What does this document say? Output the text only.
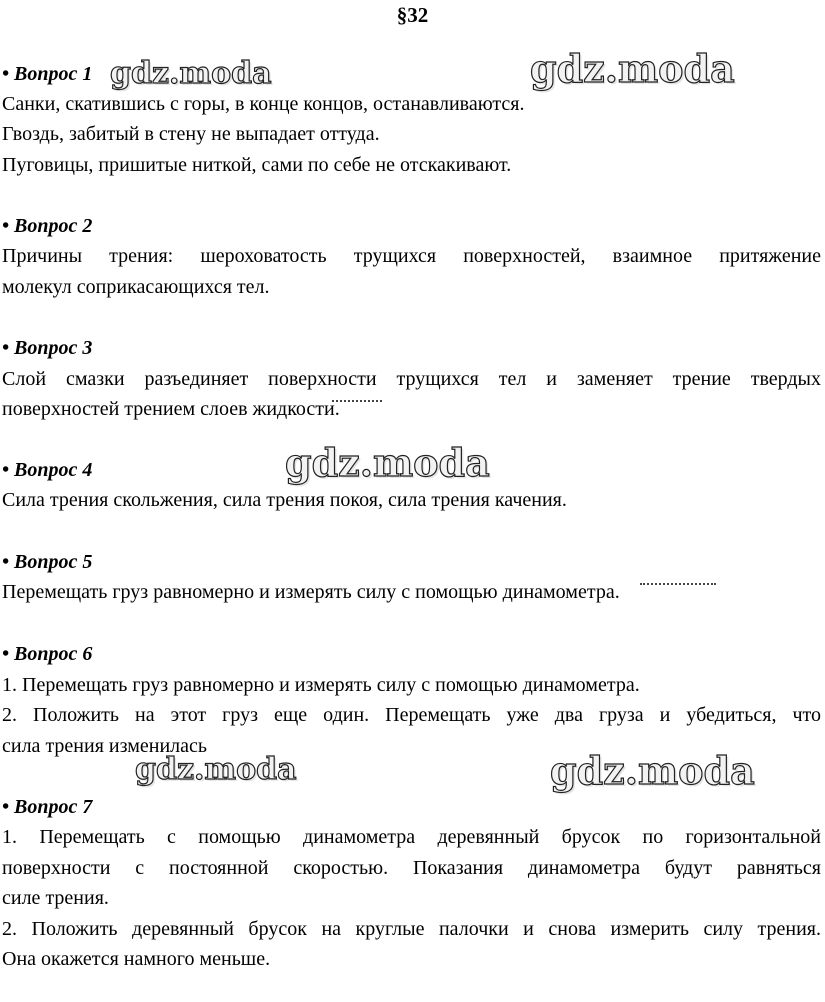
§32
• Вопрос 1
Санки, скатившись с горы, в конце концов, останавливаются.
Гвоздь, забитый в стену не выпадает оттуда.
Пуговицы, пришитые ниткой, сами по себе не отскакивают.
• Вопрос 2
Причины трения: шероховатость трущихся поверхностей, взаимное притяжение
молекул соприкасающихся тел.
• Вопрос 3
Слой смазки разъединяет поверхности трущихся тел и заменяет трение твердых
поверхностей трением слоев жидкости.
• Вопрос 4
Сила трения скольжения, сила трения покоя, сила трения качения.
• Вопрос 5
Перемещать груз равномерно и измерять силу с помощью динамометра.
• Вопрос 6
1. Перемещать груз равномерно и измерять силу с помощью динамометра.
2. Положить на этот груз еще один. Перемещать уже два груза и убедиться, что
сила трения изменилась
• Вопрос 7
1. Перемещать с помощью динамометра деревянный брусок по горизонтальной
поверхности с постоянной скоростью. Показания динамометра будут равняться
силе трения.
2. Положить деревянный брусок на круглые палочки и снова измерить силу трения.
Она окажется намного меньше.
gdz.moda	gdz.moda
gdz.moda
gdz.moda	gdz.moda
